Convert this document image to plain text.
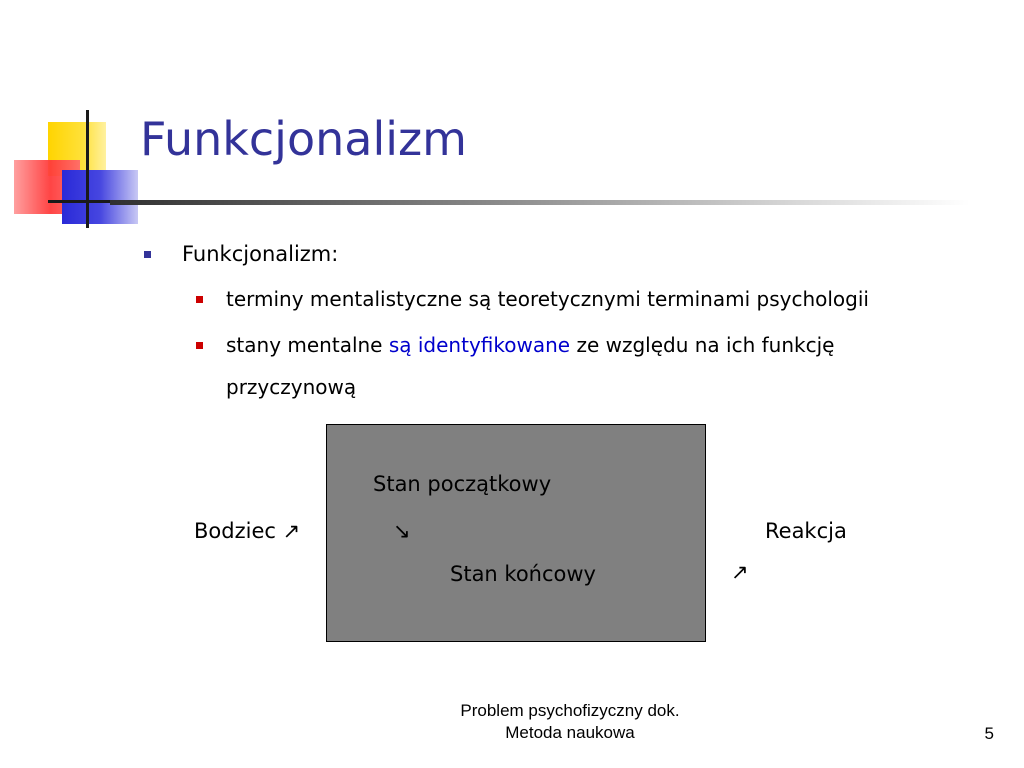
Funkcjonalizm
Funkcjonalizm:
terminy mentalistyczne są teoretycznymi terminami psychologii
stany mentalne są identyfikowane ze względu na ich funkcję
przyczynową
Stan początkowy
Bodziec ↗	↘	Reakcja
Stan końcowy	↗
Problem psychofizyczny dok.
Metoda naukowa	5
